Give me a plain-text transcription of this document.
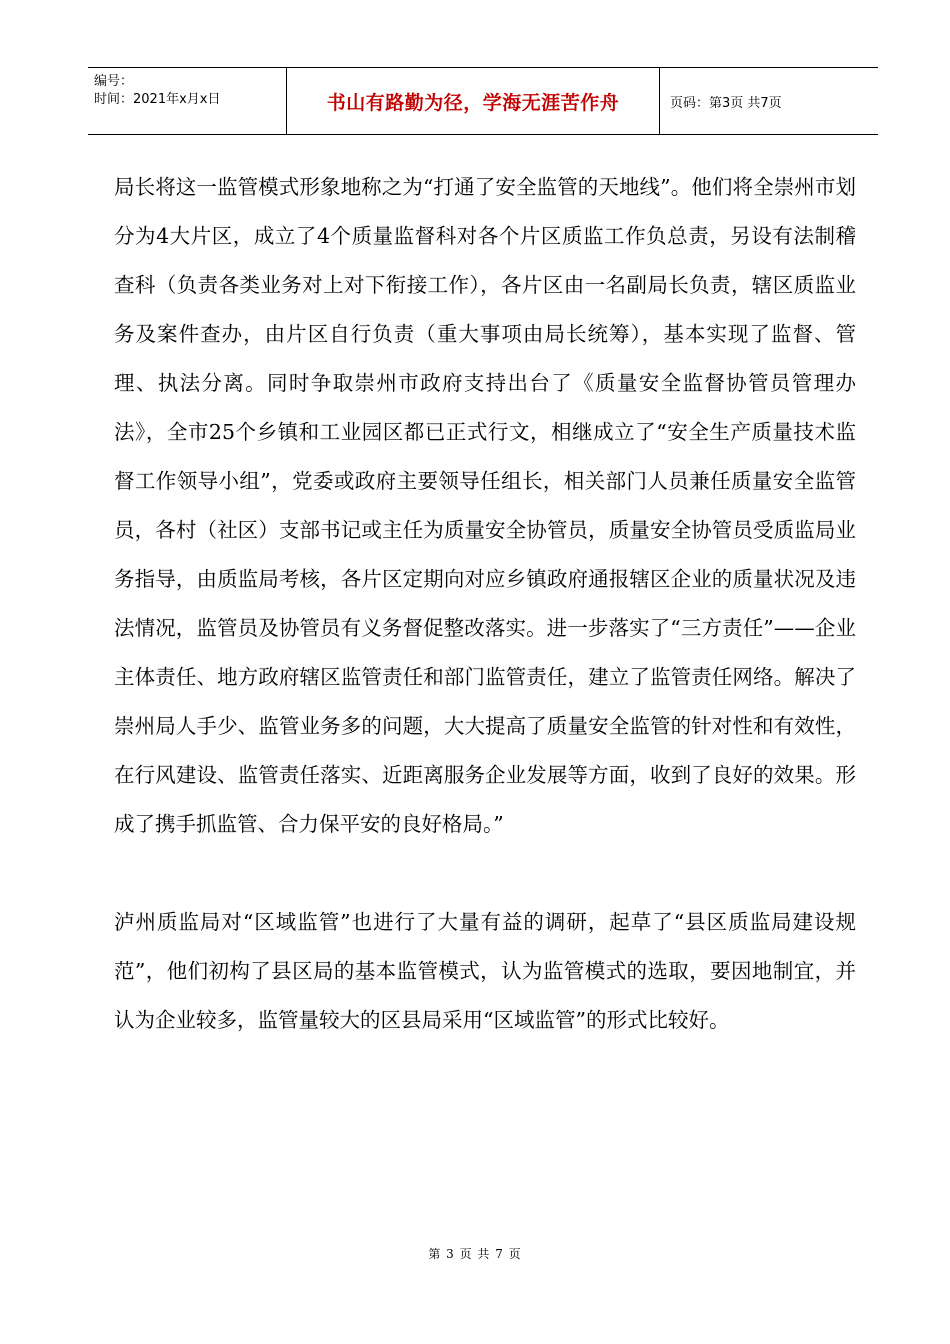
编号：
时间：2021年x月x日	书山有路勤为径，学海无涯苦作舟	页码：第3页 共7页

局长将这一监管模式形象地称之为“打通了安全监管的天地线”。他们将全崇州市划分为4大片区，成立了4个质量监督科对各个片区质监工作负总责，另设有法制稽查科（负责各类业务对上对下衔接工作），各片区由一名副局长负责，辖区质监业务及案件查办，由片区自行负责（重大事项由局长统筹），基本实现了监督、管理、执法分离。同时争取崇州市政府支持出台了《质量安全监督协管员管理办法》，全市25个乡镇和工业园区都已正式行文，相继成立了“安全生产质量技术监督工作领导小组”，党委或政府主要领导任组长，相关部门人员兼任质量安全监管员，各村（社区）支部书记或主任为质量安全协管员，质量安全协管员受质监局业务指导，由质监局考核，各片区定期向对应乡镇政府通报辖区企业的质量状况及违法情况，监管员及协管员有义务督促整改落实。进一步落实了“三方责任”——企业主体责任、地方政府辖区监管责任和部门监管责任，建立了监管责任网络。解决了崇州局人手少、监管业务多的问题，大大提高了质量安全监管的针对性和有效性，在行风建设、监管责任落实、近距离服务企业发展等方面，收到了良好的效果。形成了携手抓监管、合力保平安的良好格局。”

泸州质监局对“区域监管”也进行了大量有益的调研，起草了“县区质监局建设规范”，他们初构了县区局的基本监管模式，认为监管模式的选取，要因地制宜，并认为企业较多，监管量较大的区县局采用“区域监管”的形式比较好。

第 3 页 共 7 页
